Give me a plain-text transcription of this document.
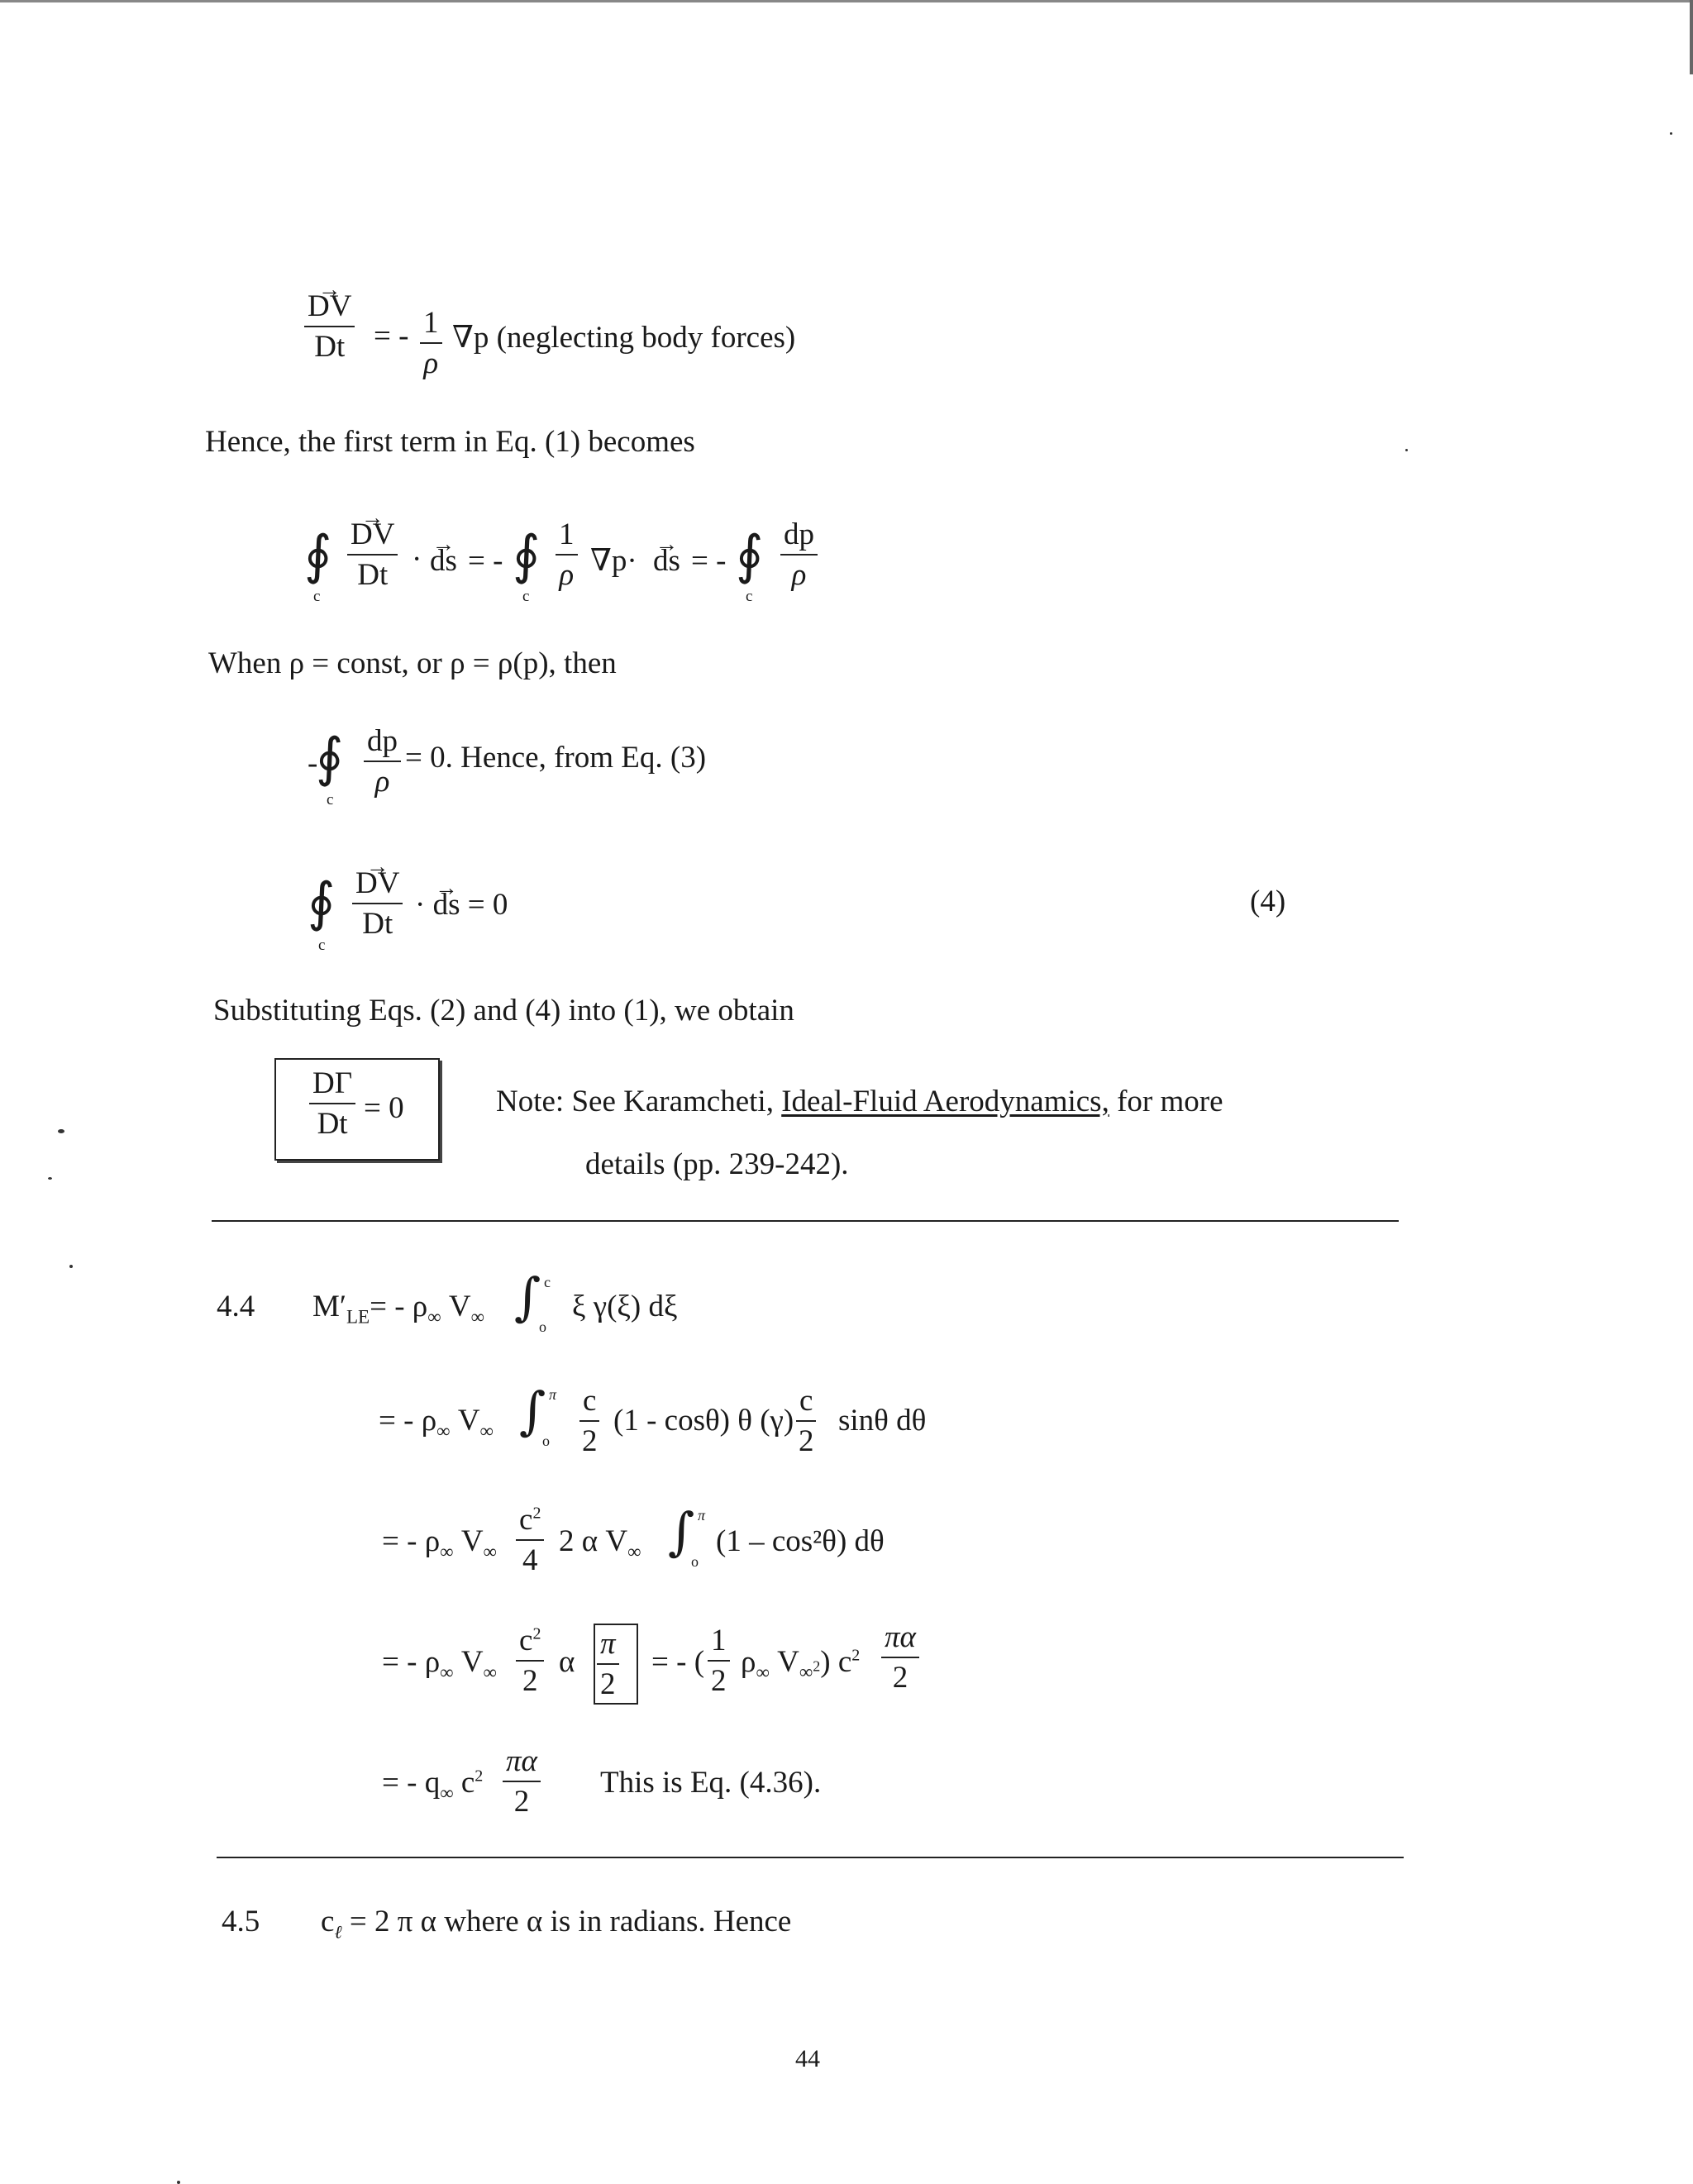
→ $\frac{DV}{Dt}$ = - $\frac{1}{\rho} \nabla p$ (neglecting body forces)
Hence, the first term in Eq. (1) becomes
∮
c
→ $\frac{DV}{Dt}$ · → ds = - ∮
c
$\frac{1}{\rho} \nabla p\cdot$ → ds = - ∮
c
$\frac{dp}{\rho}$
When ρ = const, or ρ = ρ(p), then
-
∮
c
$\frac{dp}{\rho} = 0$. Hence, from Eq. (3)
∮
c
→ $\frac{DV}{Dt}$ · → ds = 0	(4)
Substituting Eqs. (2) and (4) into (1), we obtain
$\frac{D\Gamma}{Dt} = 0$	Note: See Karamcheti, Ideal-Fluid Aerodynamics, for more
details (pp. 239-242).
4.4 $M'_{LE}= - \rho_\infty$ $V_\infty$ ∫ c
o
ξ γ(ξ) dξ
= - $\rho_\infty$ $V_\infty$ ∫ π
o $\frac{c}{2} (1 - \cos\theta)$ θ $(\gamma) \frac{c}{2}$ sinθ dθ
= - $\rho_\infty$ $V_\infty \frac{c^2}{4} 2$ α $V_\infty$ ∫ π
o
(1 – cos²θ) dθ
= - $\rho_\infty$ $V_\infty \frac{c^2}{2}$ α $\frac{\pi}{2}$ = - ( $\frac{1}{2} \rho_\infty$ $V_{\infty^2}$) $c^2 \frac{\pi\alpha}{2}$
= - $q_\infty$ $c^2 \frac{\pi\alpha}{2}$ This is Eq. (4.36).
4.5 $c_\ell = 2$ π α where α is in radians. Hence
44
